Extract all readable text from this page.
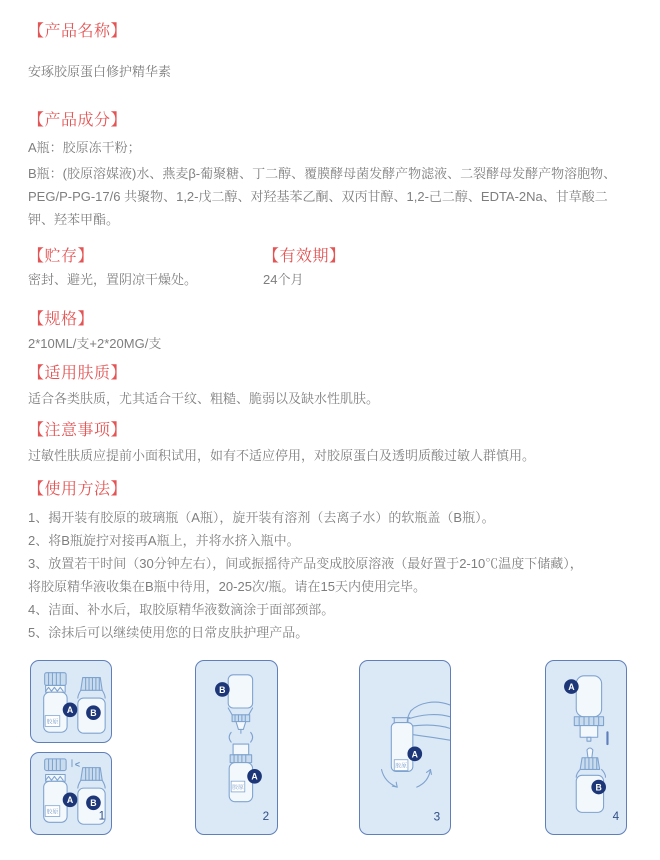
【产品名称】
安琢胶原蛋白修护精华素
【产品成分】
A瓶：胶原冻干粉；
B瓶：(胶原溶媒液)水、燕麦β-葡聚糖、丁二醇、覆膜酵母菌发酵产物滤液、二裂酵母发酵产物溶胞物、PEG/P-PG-17/6 共聚物、1,2-戊二醇、对羟基苯乙酮、双丙甘醇、1,2-己二醇、EDTA-2Na、甘草酸二钾、羟苯甲酯。
【贮存】
密封、避光，置阴凉干燥处。
【有效期】
24个月
【规格】
2*10ML/支+2*20MG/支
【适用肤质】
适合各类肤质，尤其适合干纹、粗糙、脆弱以及缺水性肌肤。
【注意事项】
过敏性肤质应提前小面积试用，如有不适应停用，对胶原蛋白及透明质酸过敏人群慎用。
【使用方法】
1、揭开装有胶原的玻璃瓶（A瓶），旋开装有溶剂（去离子水）的软瓶盖（B瓶）。
2、将B瓶旋拧对接再A瓶上，并将水挤入瓶中。
3、放置若干时间（30分钟左右），间或振摇待产品变成胶原溶液（最好置于2-10℃温度下储藏），
将胶原精华液收集在B瓶中待用，20-25次/瓶。请在15天内使用完毕。
4、洁面、补水后，取胶原精华液数滴涂于面部颈部。
5、涂抹后可以继续使用您的日常皮肤护理产品。
胶原
A B
胶原
A
<
B
1
B
胶原
A
2
胶原
A
3
A
B
4
